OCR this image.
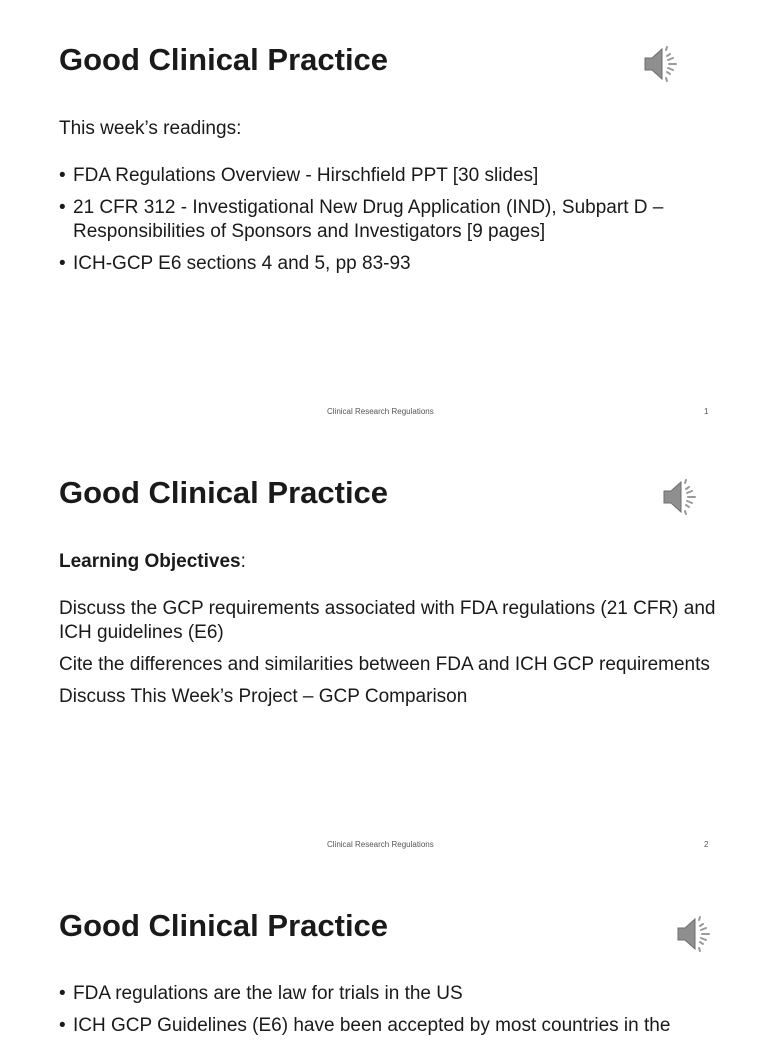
Good Clinical Practice
This week’s readings:
• FDA Regulations Overview - Hirschfield PPT [30 slides]
• 21 CFR 312 - Investigational New Drug Application (IND), Subpart D – Responsibilities of Sponsors and Investigators [9 pages]
• ICH-GCP E6 sections 4 and 5, pp 83-93
Clinical Research Regulations	1
Good Clinical Practice
Learning Objectives:

Discuss the GCP requirements associated with FDA regulations (21 CFR) and ICH guidelines (E6)

Cite the differences and similarities between FDA and ICH GCP requirements

Discuss This Week’s Project – GCP Comparison

Clinical Research Regulations	2
Good Clinical Practice
• FDA regulations are the law for trials in the US
• ICH GCP Guidelines (E6) have been accepted by most countries in the
